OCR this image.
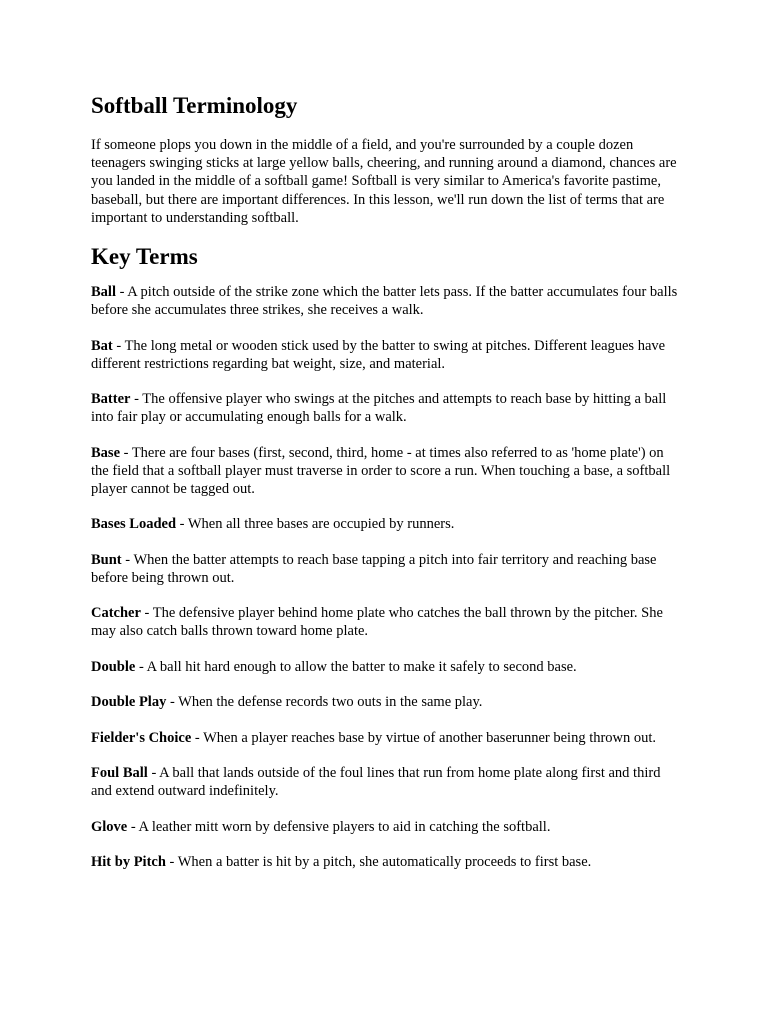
Softball Terminology

If someone plops you down in the middle of a field, and you're surrounded by a couple dozen teenagers swinging sticks at large yellow balls, cheering, and running around a diamond, chances are you landed in the middle of a softball game! Softball is very similar to America's favorite pastime, baseball, but there are important differences. In this lesson, we'll run down the list of terms that are important to understanding softball.

Key Terms

Ball - A pitch outside of the strike zone which the batter lets pass. If the batter accumulates four balls before she accumulates three strikes, she receives a walk.

Bat - The long metal or wooden stick used by the batter to swing at pitches. Different leagues have different restrictions regarding bat weight, size, and material.

Batter - The offensive player who swings at the pitches and attempts to reach base by hitting a ball into fair play or accumulating enough balls for a walk.

Base - There are four bases (first, second, third, home - at times also referred to as 'home plate') on the field that a softball player must traverse in order to score a run. When touching a base, a softball player cannot be tagged out.

Bases Loaded - When all three bases are occupied by runners.

Bunt - When the batter attempts to reach base tapping a pitch into fair territory and reaching base before being thrown out.

Catcher - The defensive player behind home plate who catches the ball thrown by the pitcher. She may also catch balls thrown toward home plate.

Double - A ball hit hard enough to allow the batter to make it safely to second base.

Double Play - When the defense records two outs in the same play.

Fielder's Choice - When a player reaches base by virtue of another baserunner being thrown out.

Foul Ball - A ball that lands outside of the foul lines that run from home plate along first and third and extend outward indefinitely.

Glove - A leather mitt worn by defensive players to aid in catching the softball.

Hit by Pitch - When a batter is hit by a pitch, she automatically proceeds to first base.
